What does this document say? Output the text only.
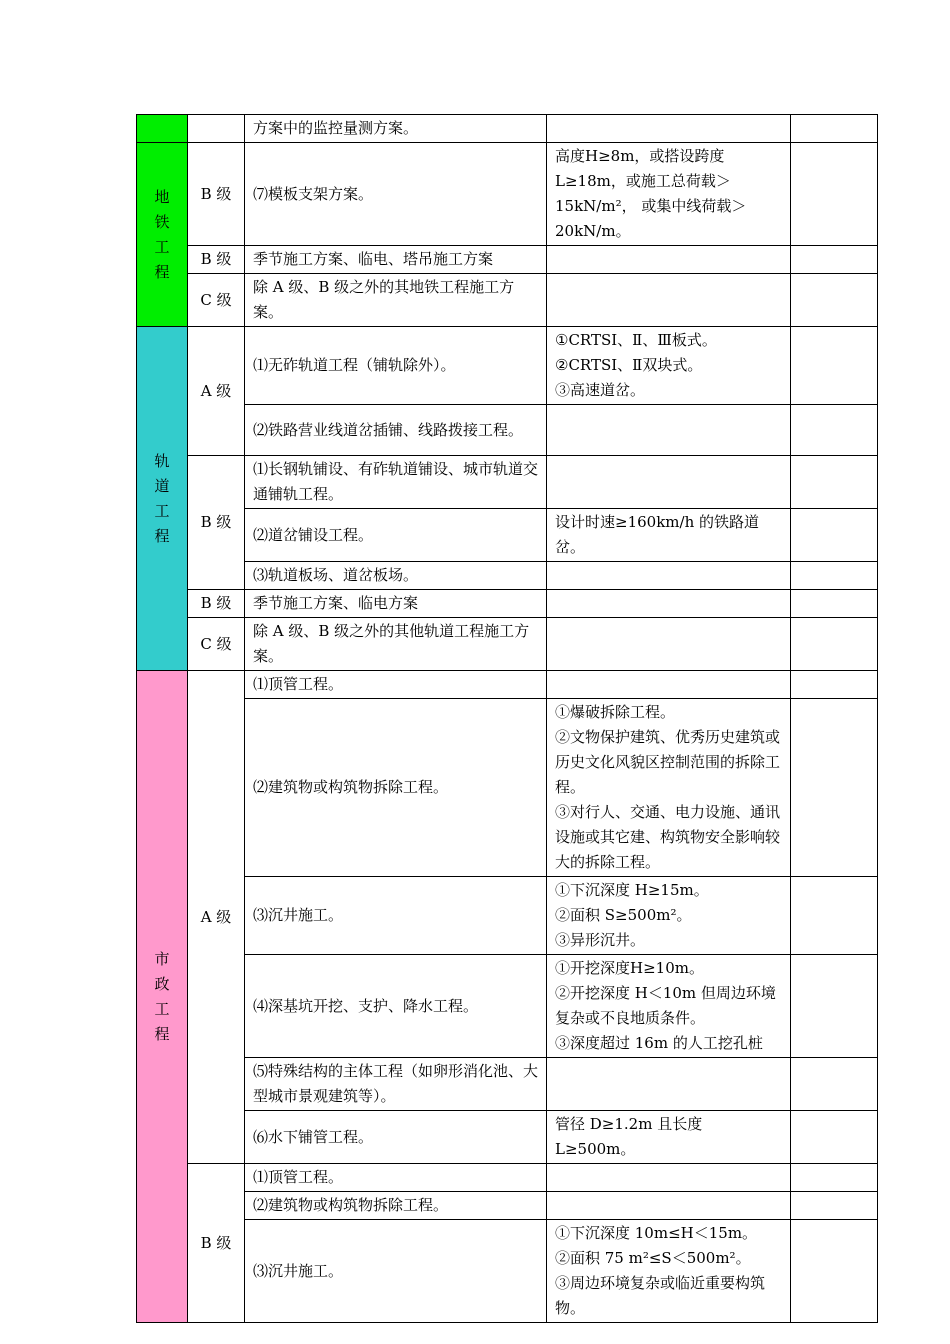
		方案中的监控量测方案。		
地铁工程	B 级	⑺模板支架方案。	高度H≥8m，或搭设跨度L≥18m，或施工总荷载＞15kN/m²， 或集中线荷载＞20kN/m。	
	B 级	季节施工方案、临电、塔吊施工方案		
	C 级	除 A 级、B 级之外的其地铁工程施工方案。		
轨道工程	A 级	⑴无砟轨道工程（铺轨除外）。	①CRTSⅠ、Ⅱ、Ⅲ板式。
②CRTSⅠ、Ⅱ双块式。
③高速道岔。	
		⑵铁路营业线道岔插铺、线路拨接工程。		
	B 级	⑴长钢轨铺设、有砟轨道铺设、城市轨道交通铺轨工程。		
		⑵道岔铺设工程。	设计时速≥160km/h 的铁路道岔。	
		⑶轨道板场、道岔板场。		
	B 级	季节施工方案、临电方案		
	C 级	除 A 级、B 级之外的其他轨道工程施工方案。		
市政工程	A 级	⑴顶管工程。		
		⑵建筑物或构筑物拆除工程。	①爆破拆除工程。
②文物保护建筑、优秀历史建筑或历史文化风貌区控制范围的拆除工程。
③对行人、交通、电力设施、通讯设施或其它建、构筑物安全影响较大的拆除工程。	
		⑶沉井施工。	①下沉深度 H≥15m。
②面积 S≥500m²。
③异形沉井。	
		⑷深基坑开挖、支护、降水工程。	①开挖深度H≥10m。
②开挖深度 H＜10m 但周边环境复杂或不良地质条件。
③深度超过 16m 的人工挖孔桩	
		⑸特殊结构的主体工程（如卵形消化池、大型城市景观建筑等）。		
		⑹水下铺管工程。	管径 D≥1.2m 且长度 L≥500m。	
	B 级	⑴顶管工程。		
		⑵建筑物或构筑物拆除工程。		
		⑶沉井施工。	①下沉深度 10m≤H＜15m。
②面积 75 m²≤S＜500m²。
③周边环境复杂或临近重要构筑物。	
